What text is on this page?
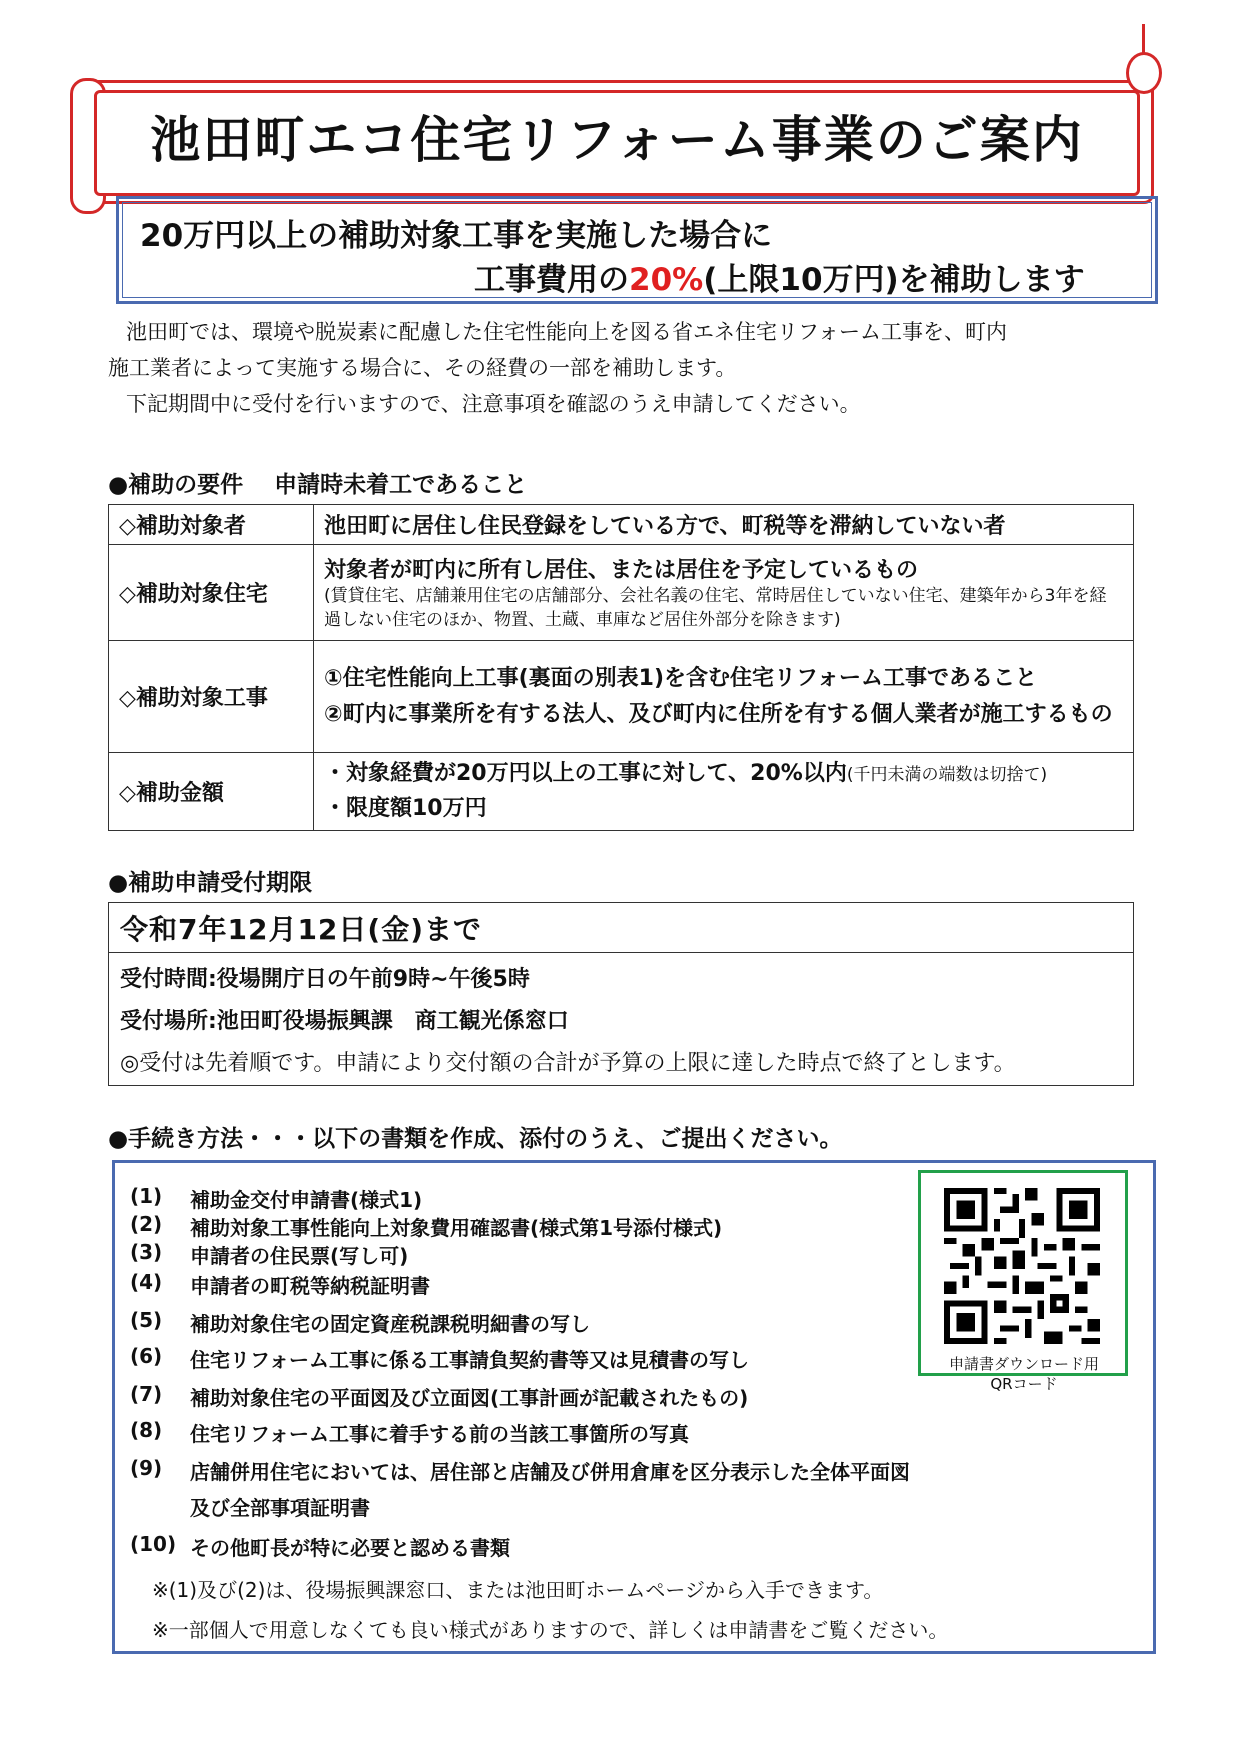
池田町エコ住宅リフォーム事業のご案内
20万円以上の補助対象工事を実施した場合に
工事費用の20%(上限10万円)を補助します
池田町では、環境や脱炭素に配慮した住宅性能向上を図る省エネ住宅リフォーム工事を、町内
施工業者によって実施する場合に、その経費の一部を補助します。
下記期間中に受付を行いますので、注意事項を確認のうえ申請してください。
●補助の要件　 申請時未着工であること
◇補助対象者	池田町に居住し住民登録をしている方で、町税等を滞納していない者
◇補助対象住宅	対象者が町内に所有し居住、または居住を予定しているもの
(賃貸住宅、店舗兼用住宅の店舗部分、会社名義の住宅、常時居住していない住宅、建築年から3年を経過しない住宅のほか、物置、土蔵、車庫など居住外部分を除きます)

◇補助対象工事	①住宅性能向上工事(裏面の別表1)を含む住宅リフォーム工事であること
②町内に事業所を有する法人、及び町内に住所を有する個人業者が施工するもの

◇補助金額	・対象経費が20万円以上の工事に対して、20%以内(千円未満の端数は切捨て)
・限度額10万円
●補助申請受付期限
令和7年12月12日(金)まで
受付時間:役場開庁日の午前9時~午後5時
受付場所:池田町役場振興課　商工観光係窓口
◎受付は先着順です。申請により交付額の合計が予算の上限に達した時点で終了とします。
●手続き方法・・・以下の書類を作成、添付のうえ、ご提出ください。
(1) 補助金交付申請書(様式1)
(2) 補助対象工事性能向上対象費用確認書(様式第1号添付様式)
(3) 申請者の住民票(写し可)
(4) 申請者の町税等納税証明書
(5) 補助対象住宅の固定資産税課税明細書の写し
(6) 住宅リフォーム工事に係る工事請負契約書等又は見積書の写し
(7) 補助対象住宅の平面図及び立面図(工事計画が記載されたもの)
(8) 住宅リフォーム工事に着手する前の当該工事箇所の写真
(9) 店舗併用住宅においては、居住部と店舗及び併用倉庫を区分表示した全体平面図
及び全部事項証明書
(10) その他町長が特に必要と認める書類
※(1)及び(2)は、役場振興課窓口、または池田町ホームページから入手できます。
※一部個人で用意しなくても良い様式がありますので、詳しくは申請書をご覧ください。
申請書ダウンロード用
QRコード
